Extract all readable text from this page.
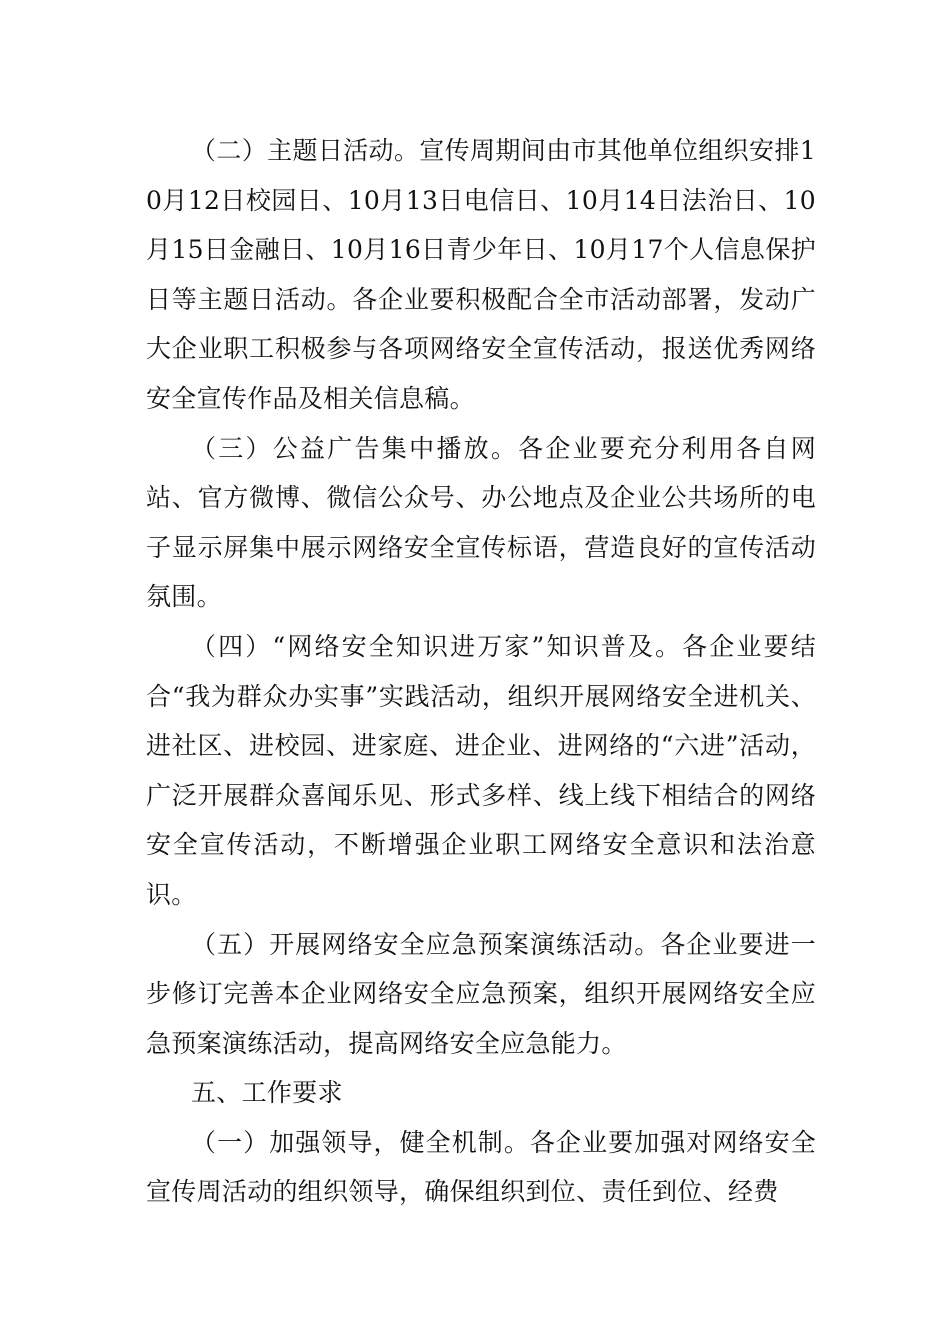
（二）主题日活动。宣传周期间由市其他单位组织安排10月12日校园日、10月13日电信日、10月14日法治日、10月15日金融日、10月16日青少年日、10月17个人信息保护日等主题日活动。各企业要积极配合全市活动部署，发动广大企业职工积极参与各项网络安全宣传活动，报送优秀网络安全宣传作品及相关信息稿。

（三）公益广告集中播放。各企业要充分利用各自网站、官方微博、微信公众号、办公地点及企业公共场所的电子显示屏集中展示网络安全宣传标语，营造良好的宣传活动氛围。

（四）“网络安全知识进万家”知识普及。各企业要结合“我为群众办实事”实践活动，组织开展网络安全进机关、进社区、进校园、进家庭、进企业、进网络的“六进”活动，广泛开展群众喜闻乐见、形式多样、线上线下相结合的网络安全宣传活动，不断增强企业职工网络安全意识和法治意识。

（五）开展网络安全应急预案演练活动。各企业要进一步修订完善本企业网络安全应急预案，组织开展网络安全应急预案演练活动，提高网络安全应急能力。

五、工作要求

（一）加强领导，健全机制。各企业要加强对网络安全宣传周活动的组织领导，确保组织到位、责任到位、经费
